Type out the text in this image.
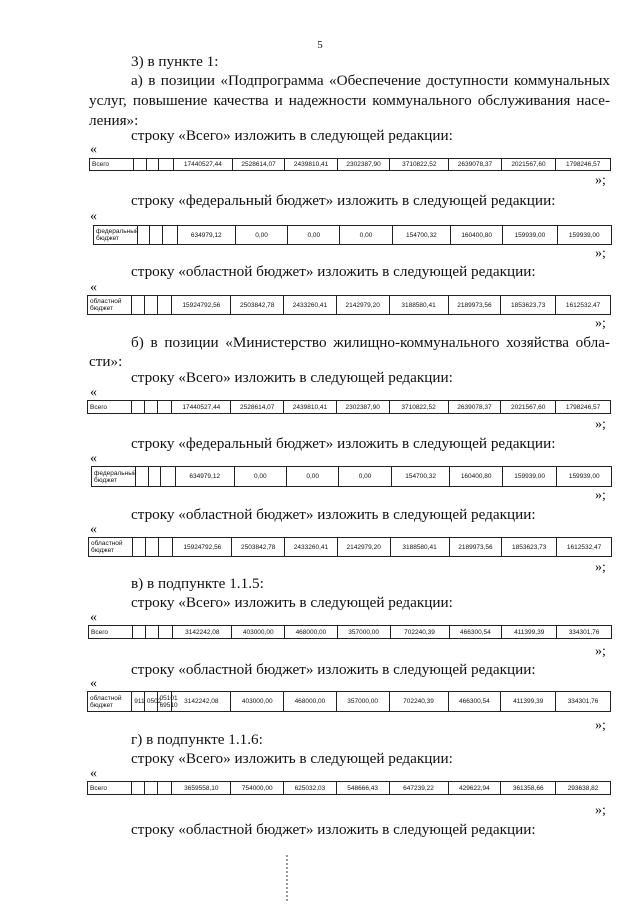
5
3) в пункте 1:
а) в позиции «Подпрограмма «Обеспечение доступности коммунальных
услуг, повышение качества и надежности коммунального обслуживания насе-
ления»:
строку «Всего» изложить в следующей редакции:
«
Всего				17440527,44	2528614,07	2439810,41	2302387,90	3710822,52	2639078,37	2021567,60	1798246,57
»;
строку «федеральный бюджет» изложить в следующей редакции:
«
федеральный бюджет				634979,12	0,00	0,00	0,00	154700,32	160400,80	159939,00	159939,00
»;
строку «областной бюджет» изложить в следующей редакции:
«
областной бюджет				15924792,56	2503842,78	2433260,41	2142979,20	3188580,41	2189973,56	1853623,73	1612532,47
»;
б) в позиции «Министерство жилищно-коммунального хозяйства обла-
сти»:
строку «Всего» изложить в следующей редакции:
«
Всего				17440527,44	2528614,07	2439810,41	2302387,90	3710822,52	2639078,37	2021567,60	1798246,57
»;
строку «федеральный бюджет» изложить в следующей редакции:
«
федеральный бюджет				634979,12	0,00	0,00	0,00	154700,32	160400,80	159939,00	159939,00
»;
строку «областной бюджет» изложить в следующей редакции:
«
областной бюджет				15924792,56	2503842,78	2433260,41	2142979,20	3188580,41	2189973,56	1853623,73	1612532,47
»;
в) в подпункте 1.1.5:
строку «Всего» изложить в следующей редакции:
«
Всего				3142242,08	403000,00	468000,00	357000,00	702240,39	466300,54	411399,39	334301,76
»;
строку «областной бюджет» изложить в следующей редакции:
«
областной бюджет	911	0502	05101 69510	3142242,08	403000,00	468000,00	357000,00	702240,39	466300,54	411399,39	334301,76
»;
г) в подпункте 1.1.6:
строку «Всего» изложить в следующей редакции:
«
Всего				3659558,10	754000,00	625032,03	548666,43	647239,22	429622,94	361358,66	293638,82
»;
строку «областной бюджет» изложить в следующей редакции:
